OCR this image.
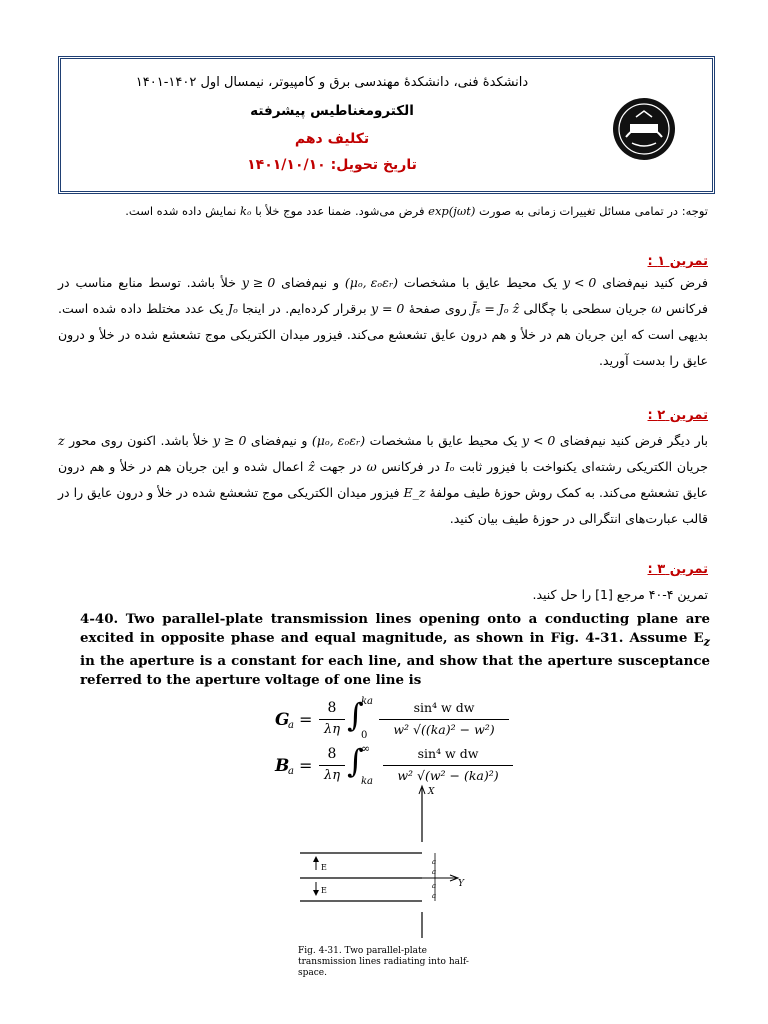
دانشکدهٔ فنی، دانشکدهٔ مهندسی برق و کامپیوتر، نیمسال اول ۱۴۰۲-۱۴۰۱
الکترومغناطیس پیشرفته
تکلیف دهم
تاریخ تحویل: ۱۴۰۱/۱۰/۱۰
توجه: در تمامی مسائل تغییرات زمانی به صورت exp(jωt) فرض می‌شود. ضمنا عدد موج خلأ با kₒ نمایش داده شده است.
تمرین ۱ :
فرض کنید نیم‌فضای y < 0 یک محیط عایق با مشخصات (μₒ, εₒεᵣ) و نیم‌فضای y ≥ 0 خلأ باشد. توسط منابع مناسب در فرکانس ω جریان سطحی با چگالی J̄ₛ = Jₒ ẑ روی صفحهٔ y = 0 برقرار کرده‌ایم. در اینجا Jₒ یک عدد مختلط داده شده است. بدیهی است که این جریان هم در خلأ و هم درون عایق تشعشع می‌کند. فیزور میدان الکتریکی موج تشعشع شده در خلأ و درون عایق را بدست آورید.
تمرین ۲ :
بار دیگر فرض کنید نیم‌فضای y < 0 یک محیط عایق با مشخصات (μₒ, εₒεᵣ) و نیم‌فضای y ≥ 0 خلأ باشد. اکنون روی محور z جریان الکتریکی رشته‌ای یکنواخت با فیزور ثابت Iₒ در فرکانس ω در جهت ẑ اعمال شده و این جریان هم در خلأ و هم درون عایق تشعشع می‌کند. به کمک روش حوزهٔ طیف مولفهٔ E_z فیزور میدان الکتریکی موج تشعشع شده در خلأ و درون عایق را در قالب عبارت‌های انتگرالی در حوزهٔ طیف بیان کنید.
تمرین ۳ :
تمرین ۴-۴۰ مرجع [1] را حل کنید.
4-40. Two parallel-plate transmission lines opening onto a conducting plane are excited in opposite phase and equal magnitude, as shown in Fig. 4-31. Assume $E_z$ in the aperture is a constant for each line, and show that the aperture susceptance referred to the aperture voltage of one line is
G
a =
8
λη ∫
ka
0
sin⁴ w dw
w² √((ka)² − w²)
B
a =
8
λη ∫
∞
ka
sin⁴ w dw
w² √(w² − (ka)²)
X
E
E
Y
a
a
a
a
Fig. 4-31. Two parallel-plate transmission lines radiating into half-space.
